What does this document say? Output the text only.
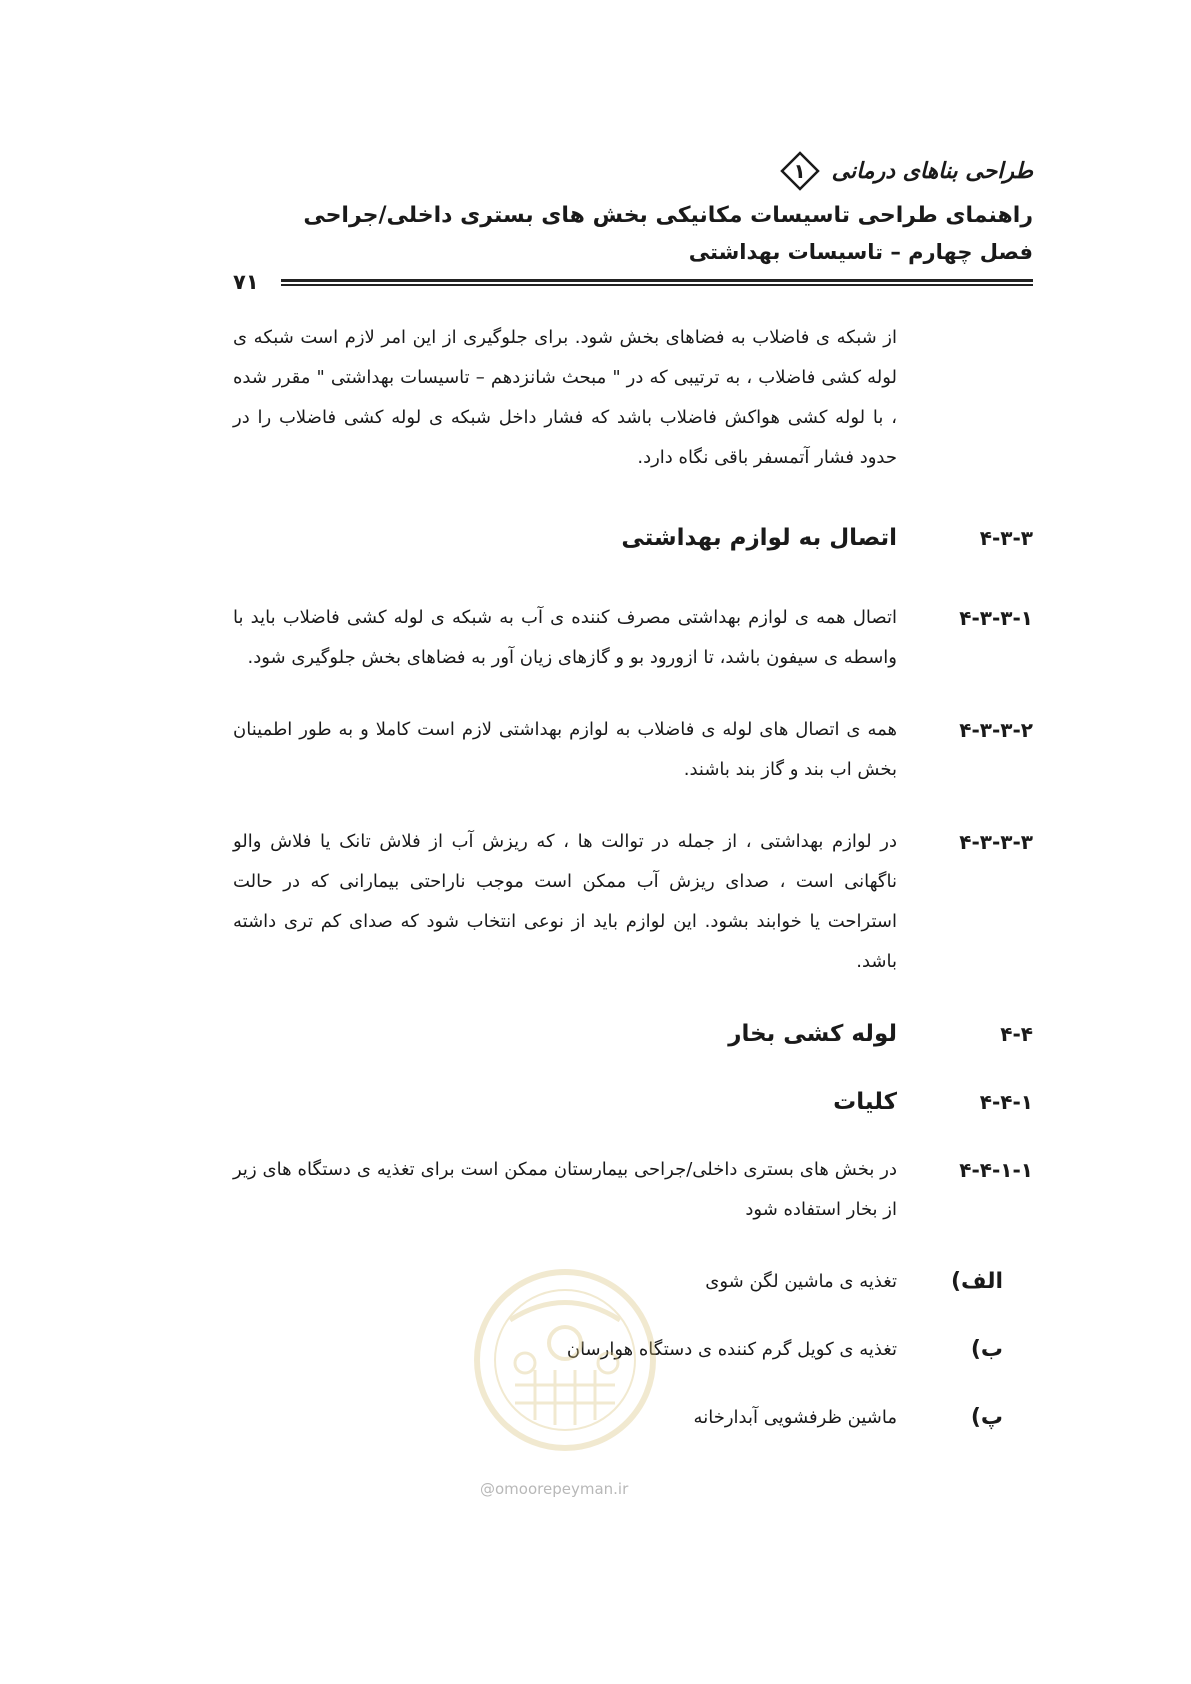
طراحی بناهای درمانی
۱
راهنمای طراحی تاسیسات مکانیکی بخش های بستری داخلی/جراحی
فصل چهارم – تاسیسات بهداشتی
۷۱
از شبکه ی فاضلاب به فضاهای بخش شود. برای جلوگیری از این امر لازم است شبکه ی لوله کشی فاضلاب ، به ترتیبی که در " مبحث شانزدهم – تاسیسات بهداشتی " مقرر شده ، با لوله کشی هواکش فاضلاب باشد که فشار داخل شبکه ی لوله کشی فاضلاب را در حدود فشار آتمسفر باقی نگاه دارد.
۴-۳-۳
اتصال به لوازم بهداشتی
۴-۳-۳-۱
اتصال همه ی لوازم بهداشتی مصرف کننده ی آب به شبکه ی لوله کشی فاضلاب باید با واسطه ی سیفون باشد، تا ازورود بو و گازهای زیان آور به فضاهای بخش جلوگیری شود.
۴-۳-۳-۲
همه ی اتصال های لوله ی فاضلاب به لوازم بهداشتی لازم است کاملا و به طور اطمینان بخش اب بند و گاز بند باشند.
۴-۳-۳-۳
در لوازم بهداشتی ، از جمله در توالت ها ، که ریزش آب از فلاش تانک یا فلاش والو ناگهانی است ، صدای ریزش آب ممکن است موجب ناراحتی بیمارانی که در حالت استراحت یا خوابند بشود. این لوازم باید از نوعی انتخاب شود که صدای کم تری داشته باشد.
۴-۴
لوله کشی بخار
۴-۴-۱
کلیات
۴-۴-۱-۱
در بخش های بستری داخلی/جراحی بیمارستان ممکن است برای تغذیه ی دستگاه های زیر از بخار استفاده شود
الف)
تغذیه ی ماشین لگن شوی
ب)
تغذیه ی کویل گرم کننده ی دستگاه هوارسان
پ)
ماشین ظرفشویی آبدارخانه
@omoorepeyman.ir
